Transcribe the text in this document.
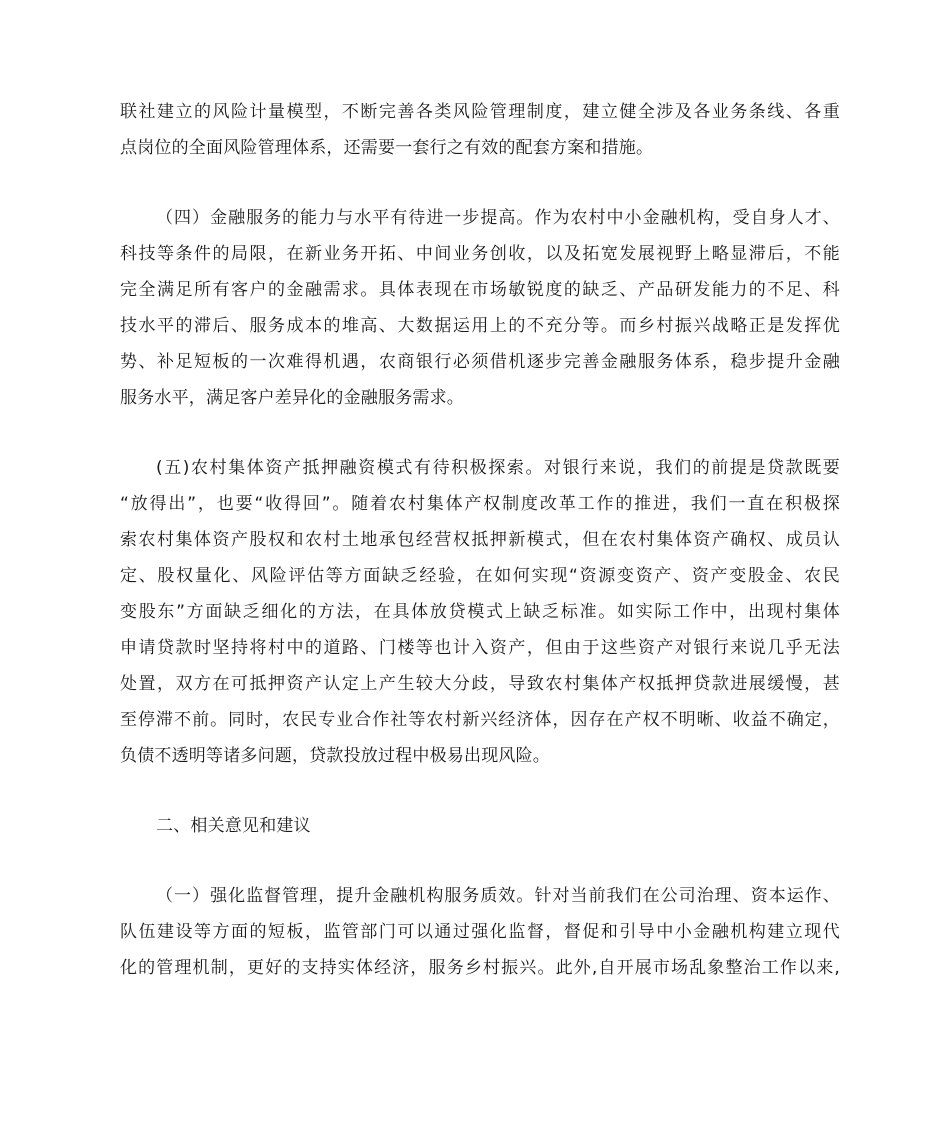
联社建立的风险计量模型，不断完善各类风险管理制度，建立健全涉及各业务条线、各重
点岗位的全面风险管理体系，还需要一套行之有效的配套方案和措施。
（四）金融服务的能力与水平有待进一步提高。作为农村中小金融机构，受自身人才、
科技等条件的局限，在新业务开拓、中间业务创收，以及拓宽发展视野上略显滞后，不能
完全满足所有客户的金融需求。具体表现在市场敏锐度的缺乏、产品研发能力的不足、科
技水平的滞后、服务成本的堆高、大数据运用上的不充分等。而乡村振兴战略正是发挥优
势、补足短板的一次难得机遇，农商银行必须借机逐步完善金融服务体系，稳步提升金融
服务水平，满足客户差异化的金融服务需求。
(五)农村集体资产抵押融资模式有待积极探索。对银行来说，我们的前提是贷款既要
“放得出”，也要“收得回”。随着农村集体产权制度改革工作的推进，我们一直在积极探
索农村集体资产股权和农村土地承包经营权抵押新模式，但在农村集体资产确权、成员认
定、股权量化、风险评估等方面缺乏经验，在如何实现“资源变资产、资产变股金、农民
变股东”方面缺乏细化的方法，在具体放贷模式上缺乏标准。如实际工作中，出现村集体
申请贷款时坚持将村中的道路、门楼等也计入资产，但由于这些资产对银行来说几乎无法
处置，双方在可抵押资产认定上产生较大分歧，导致农村集体产权抵押贷款进展缓慢，甚
至停滞不前。同时，农民专业合作社等农村新兴经济体，因存在产权不明晰、收益不确定，
负债不透明等诸多问题，贷款投放过程中极易出现风险。
二、相关意见和建议
（一）强化监督管理，提升金融机构服务质效。针对当前我们在公司治理、资本运作、
队伍建设等方面的短板，监管部门可以通过强化监督，督促和引导中小金融机构建立现代
化的管理机制，更好的支持实体经济，服务乡村振兴。此外,自开展市场乱象整治工作以来,
